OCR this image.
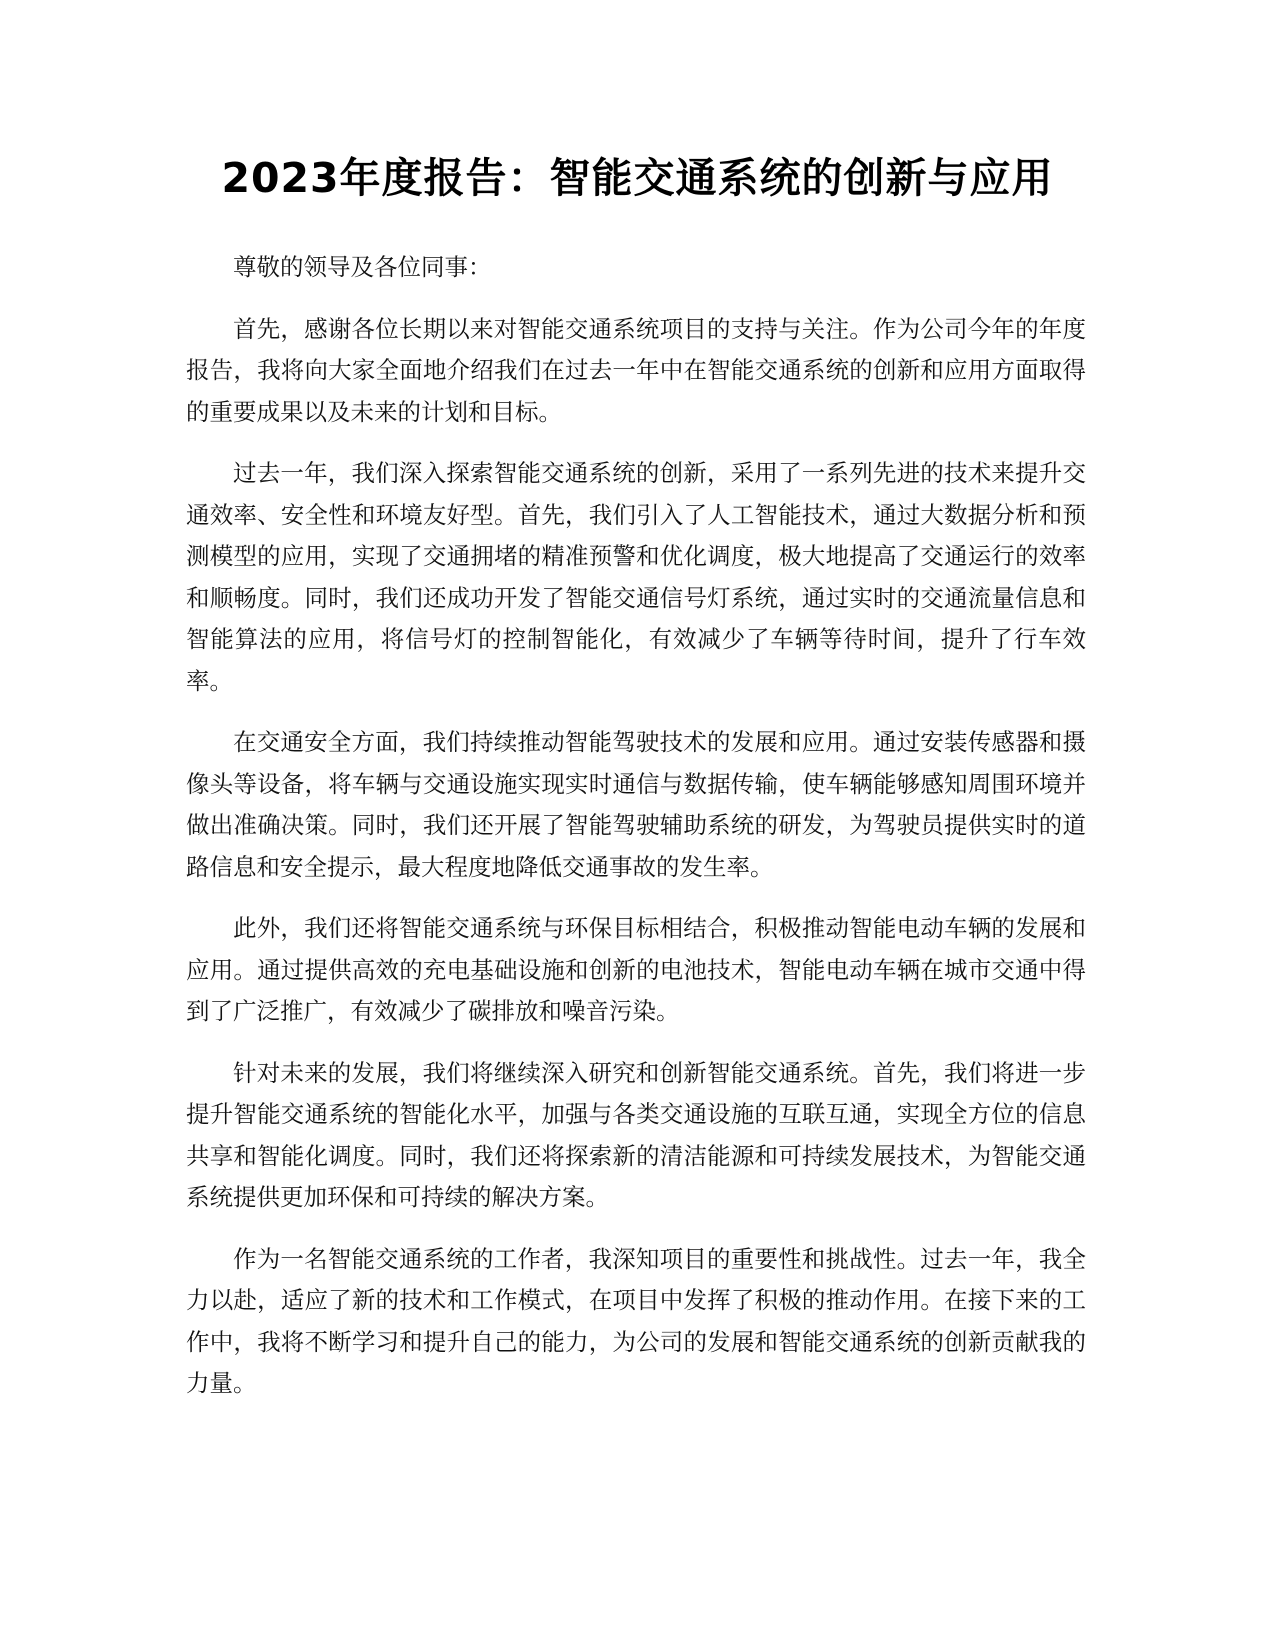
2023年度报告：智能交通系统的创新与应用

尊敬的领导及各位同事：

首先，感谢各位长期以来对智能交通系统项目的支持与关注。作为公司今年的年度报告，我将向大家全面地介绍我们在过去一年中在智能交通系统的创新和应用方面取得的重要成果以及未来的计划和目标。

过去一年，我们深入探索智能交通系统的创新，采用了一系列先进的技术来提升交通效率、安全性和环境友好型。首先，我们引入了人工智能技术，通过大数据分析和预测模型的应用，实现了交通拥堵的精准预警和优化调度，极大地提高了交通运行的效率和顺畅度。同时，我们还成功开发了智能交通信号灯系统，通过实时的交通流量信息和智能算法的应用，将信号灯的控制智能化，有效减少了车辆等待时间，提升了行车效率。

在交通安全方面，我们持续推动智能驾驶技术的发展和应用。通过安装传感器和摄像头等设备，将车辆与交通设施实现实时通信与数据传输，使车辆能够感知周围环境并做出准确决策。同时，我们还开展了智能驾驶辅助系统的研发，为驾驶员提供实时的道路信息和安全提示，最大程度地降低交通事故的发生率。

此外，我们还将智能交通系统与环保目标相结合，积极推动智能电动车辆的发展和应用。通过提供高效的充电基础设施和创新的电池技术，智能电动车辆在城市交通中得到了广泛推广，有效减少了碳排放和噪音污染。

针对未来的发展，我们将继续深入研究和创新智能交通系统。首先，我们将进一步提升智能交通系统的智能化水平，加强与各类交通设施的互联互通，实现全方位的信息共享和智能化调度。同时，我们还将探索新的清洁能源和可持续发展技术，为智能交通系统提供更加环保和可持续的解决方案。

作为一名智能交通系统的工作者，我深知项目的重要性和挑战性。过去一年，我全力以赴，适应了新的技术和工作模式，在项目中发挥了积极的推动作用。在接下来的工作中，我将不断学习和提升自己的能力，为公司的发展和智能交通系统的创新贡献我的力量。
